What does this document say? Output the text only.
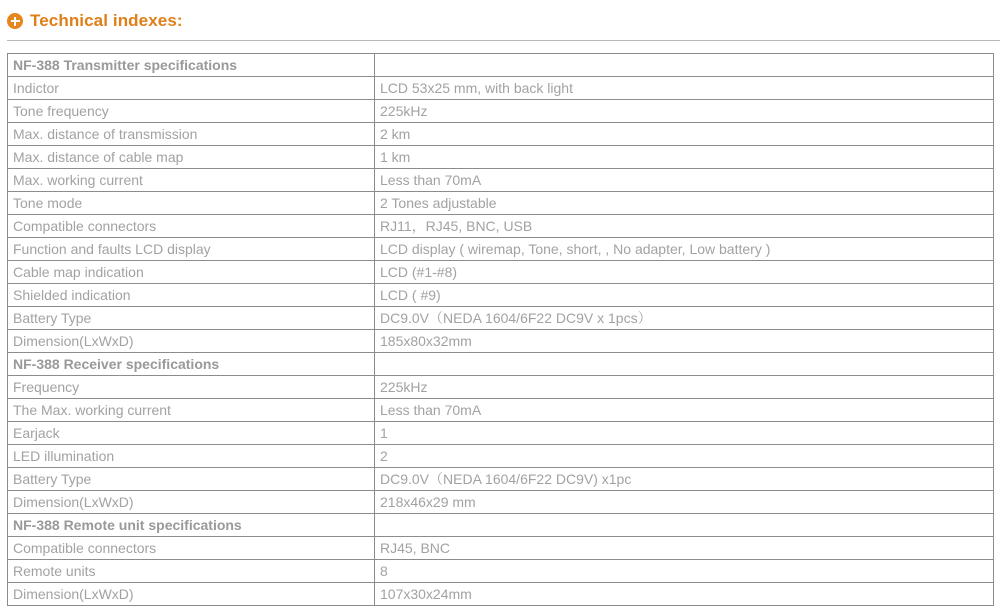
Technical indexes:
NF-388 Transmitter specifications	
Indictor	LCD 53x25 mm, with back light
Tone frequency	225kHz
Max. distance of transmission	2 km
Max. distance of cable map	1 km
Max. working current	Less than 70mA
Tone mode	2 Tones adjustable
Compatible connectors	RJ11，RJ45, BNC, USB
Function and faults LCD display	LCD display ( wiremap, Tone, short, , No adapter, Low battery )
Cable map indication	LCD (#1-#8)
Shielded indication	LCD ( #9)
Battery Type	DC9.0V（NEDA 1604/6F22 DC9V x 1pcs）
Dimension(LxWxD)	185x80x32mm
NF-388 Receiver specifications	
Frequency	225kHz
The Max. working current	Less than 70mA
Earjack	1
LED illumination	2
Battery Type	DC9.0V（NEDA 1604/6F22 DC9V) x1pc
Dimension(LxWxD)	218x46x29 mm
NF-388 Remote unit specifications	
Compatible connectors	RJ45, BNC
Remote units	8
Dimension(LxWxD)	107x30x24mm
